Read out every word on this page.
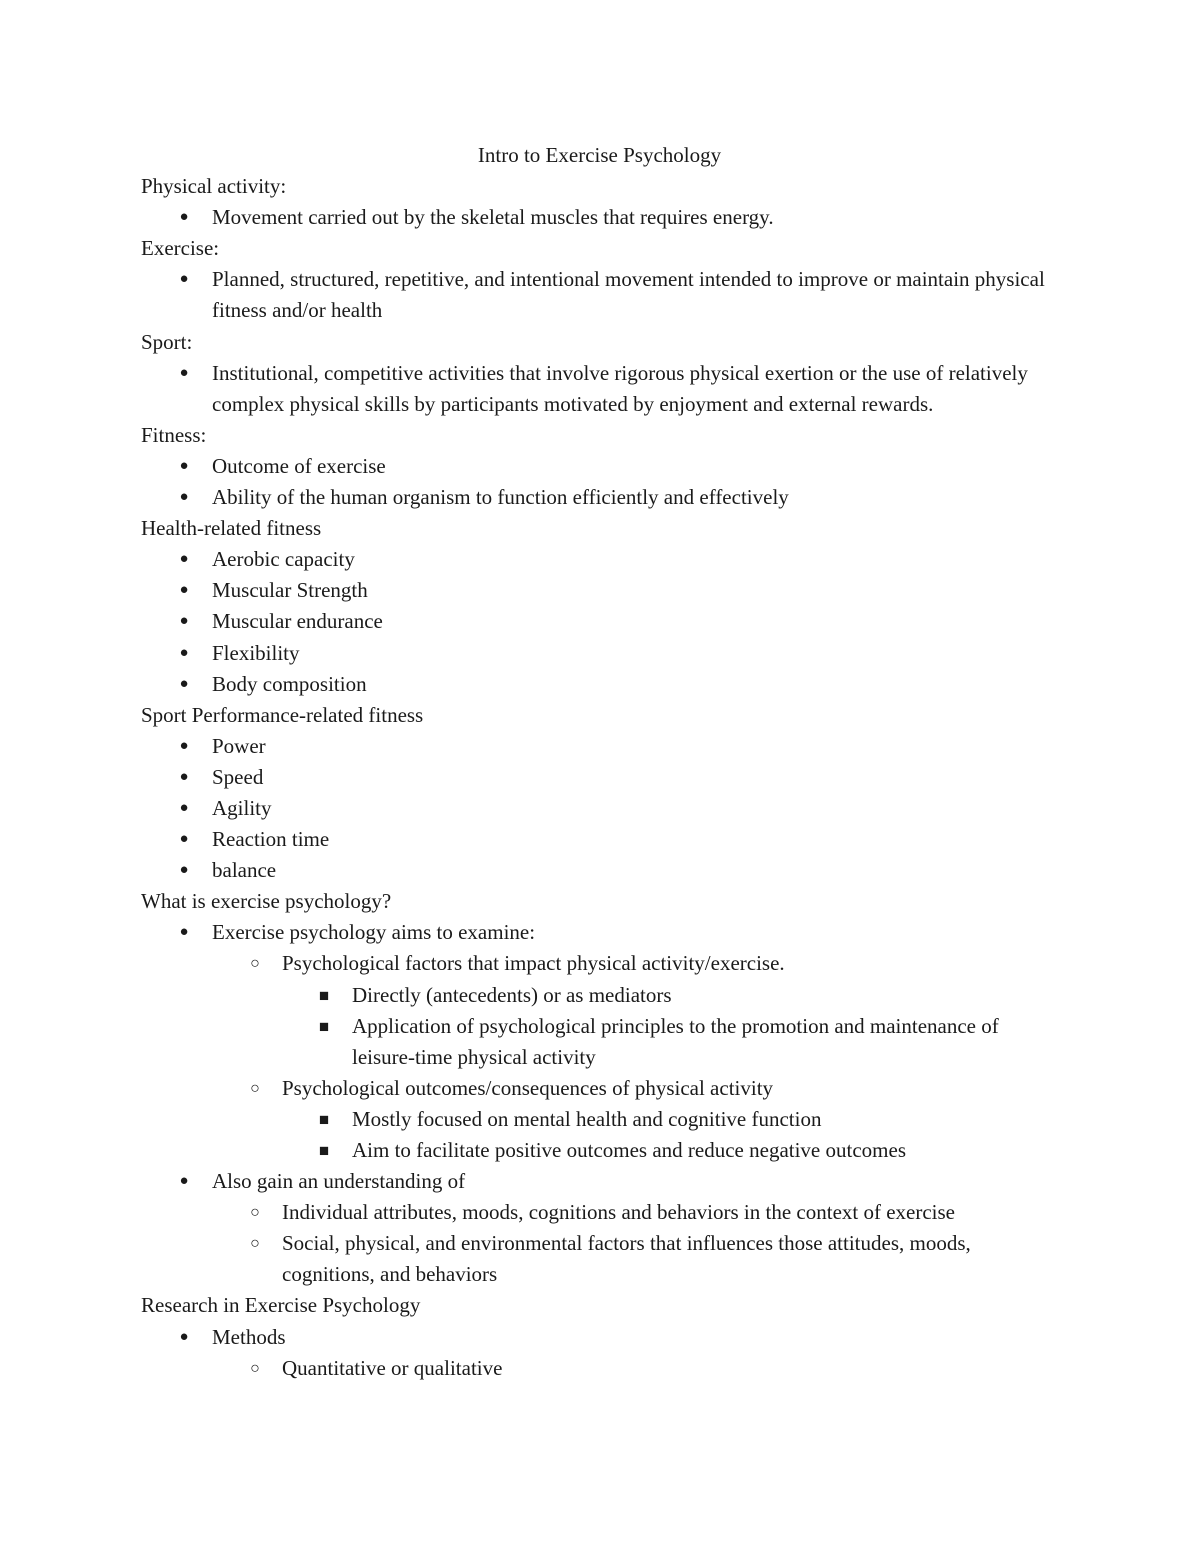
Intro to Exercise Psychology

Physical activity:

●
Movement carried out by the skeletal muscles that requires energy.

Exercise:

●
Planned, structured, repetitive, and intentional movement intended to improve or maintain physical fitness and/or health

Sport:

●
Institutional, competitive activities that involve rigorous physical exertion or the use of relatively complex physical skills by participants motivated by enjoyment and external rewards.

Fitness:

●
Outcome of exercise
●
Ability of the human organism to function efficiently and effectively

Health-related fitness

●
Aerobic capacity
●
Muscular Strength
●
Muscular endurance
●
Flexibility
●
Body composition

Sport Performance-related fitness

●
Power
●
Speed
●
Agility
●
Reaction time
●
balance

What is exercise psychology?

●
Exercise psychology aims to examine:
○
Psychological factors that impact physical activity/exercise.
■
Directly (antecedents) or as mediators
■
Application of psychological principles to the promotion and maintenance of leisure-time physical activity
○
Psychological outcomes/consequences of physical activity
■
Mostly focused on mental health and cognitive function
■
Aim to facilitate positive outcomes and reduce negative outcomes
●
Also gain an understanding of
○
Individual attributes, moods, cognitions and behaviors in the context of exercise
○
Social, physical, and environmental factors that influences those attitudes, moods, cognitions, and behaviors

Research in Exercise Psychology

●
Methods
○
Quantitative or qualitative
